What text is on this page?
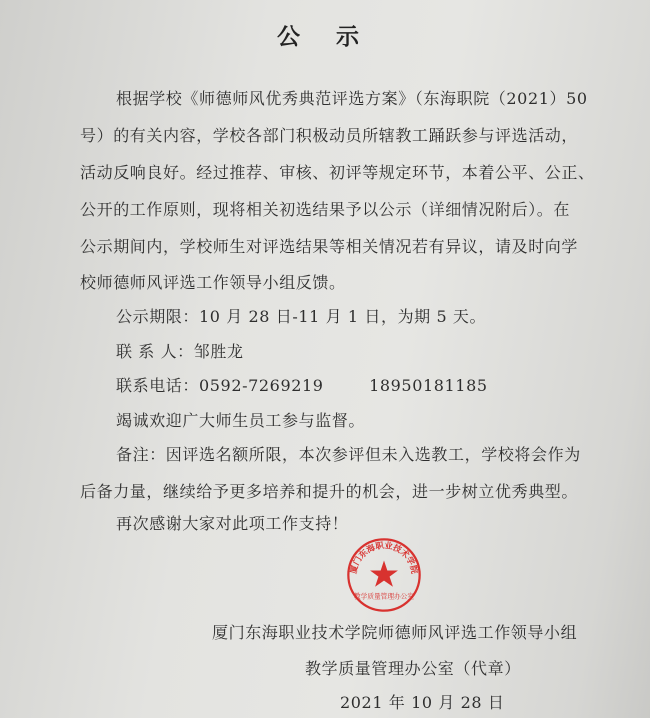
公 示
根据学校《师德师风优秀典范评选方案》（东海职院（2021）50
号）的有关内容，学校各部门积极动员所辖教工踊跃参与评选活动，
活动反响良好。经过推荐、审核、初评等规定环节，本着公平、公正、
公开的工作原则，现将相关初选结果予以公示（详细情况附后）。在
公示期间内，学校师生对评选结果等相关情况若有异议，请及时向学
校师德师风评选工作领导小组反馈。
公示期限：10 月 28 日-11 月 1 日，为期 5 天。
联 系 人：邹胜龙
联系电话：0592-7269219        18950181185
竭诚欢迎广大师生员工参与监督。
备注：因评选名额所限，本次参评但未入选教工，学校将会作为
后备力量，继续给予更多培养和提升的机会，进一步树立优秀典型。
再次感谢大家对此项工作支持！
厦门东海职业技术学院师德师风评选工作领导小组
教学质量管理办公室（代章）
2021 年 10 月 28 日
厦门东海职业技术学院
教学质量管理办公室
